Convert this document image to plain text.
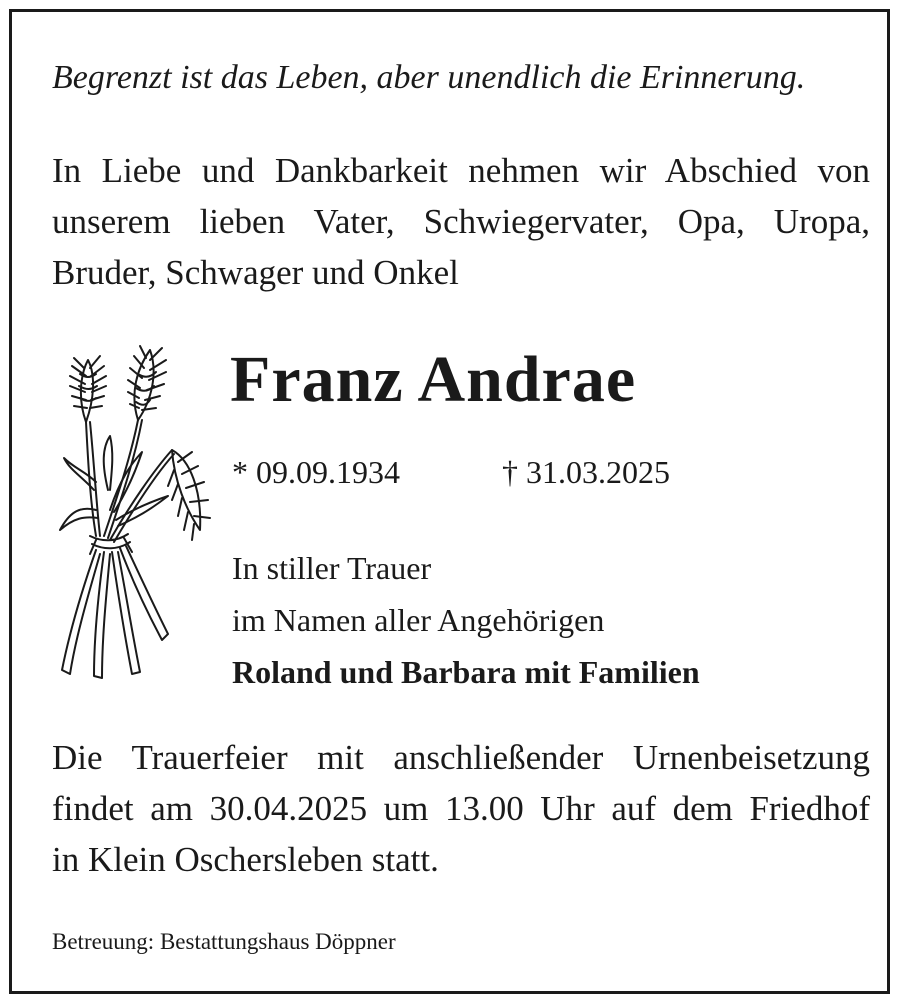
Begrenzt ist das Leben, aber unendlich die Erinnerung.
In Liebe und Dankbarkeit nehmen wir Abschied von
unserem lieben Vater, Schwiegervater, Opa, Uropa,
Bruder, Schwager und Onkel
Franz Andrae
* 09.09.1934	† 31.03.2025
In stiller Trauer
im Namen aller Angehörigen
Roland und Barbara mit Familien
Die Trauerfeier mit anschließender Urnenbeisetzung
findet am 30.04.2025 um 13.00 Uhr auf dem Friedhof
in Klein Oschersleben statt.
Betreuung: Bestattungshaus Döppner
